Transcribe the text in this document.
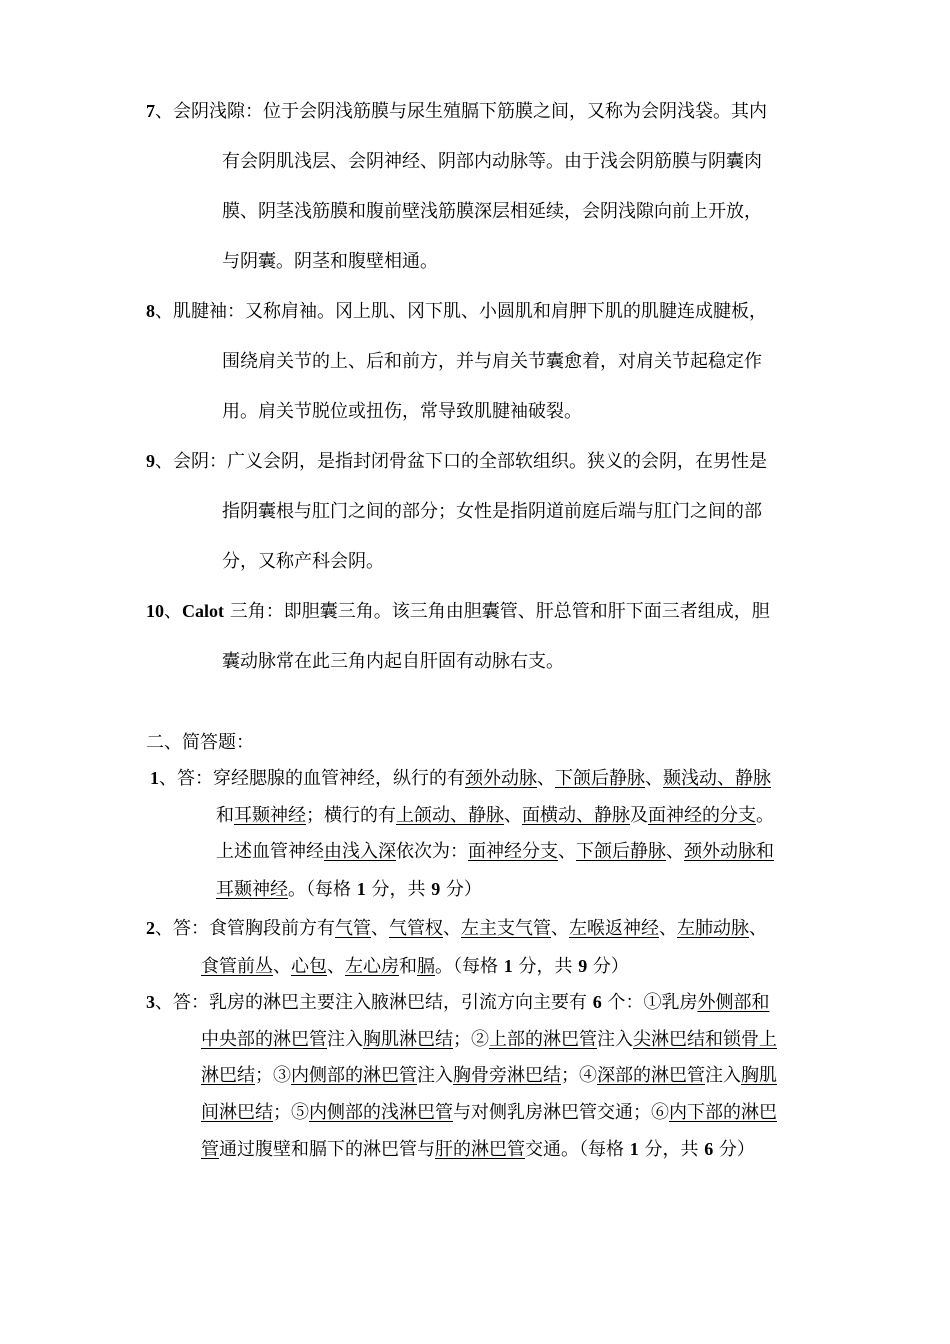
7、会阴浅隙：位于会阴浅筋膜与尿生殖膈下筋膜之间，又称为会阴浅袋。其内
有会阴肌浅层、会阴神经、阴部内动脉等。由于浅会阴筋膜与阴囊肉
膜、阴茎浅筋膜和腹前壁浅筋膜深层相延续，会阴浅隙向前上开放，
与阴囊。阴茎和腹壁相通。
8、肌腱袖：又称肩袖。冈上肌、冈下肌、小圆肌和肩胛下肌的肌腱连成腱板，
围绕肩关节的上、后和前方，并与肩关节囊愈着，对肩关节起稳定作
用。肩关节脱位或扭伤，常导致肌腱袖破裂。
9、会阴：广义会阴，是指封闭骨盆下口的全部软组织。狭义的会阴，在男性是
指阴囊根与肛门之间的部分；女性是指阴道前庭后端与肛门之间的部
分，又称产科会阴。
10、Calot 三角：即胆囊三角。该三角由胆囊管、肝总管和肝下面三者组成，胆
囊动脉常在此三角内起自肝固有动脉右支。
二、简答题：
1、答：穿经腮腺的血管神经，纵行的有颈外动脉、下颌后静脉、颞浅动、静脉
和耳颞神经；横行的有上颌动、静脉、面横动、静脉及面神经的分支。
上述血管神经由浅入深依次为：面神经分支、下颌后静脉、颈外动脉和
耳颞神经。（每格 1 分，共 9 分）
2、答：食管胸段前方有气管、气管杈、左主支气管、左喉返神经、左肺动脉、
食管前丛、心包、左心房和膈。（每格 1 分，共 9 分）
3、答：乳房的淋巴主要注入腋淋巴结，引流方向主要有 6 个：①乳房外侧部和
中央部的淋巴管注入胸肌淋巴结；②上部的淋巴管注入尖淋巴结和锁骨上
淋巴结；③内侧部的淋巴管注入胸骨旁淋巴结；④深部的淋巴管注入胸肌
间淋巴结；⑤内侧部的浅淋巴管与对侧乳房淋巴管交通；⑥内下部的淋巴
管通过腹壁和膈下的淋巴管与肝的淋巴管交通。（每格 1 分，共 6 分）
